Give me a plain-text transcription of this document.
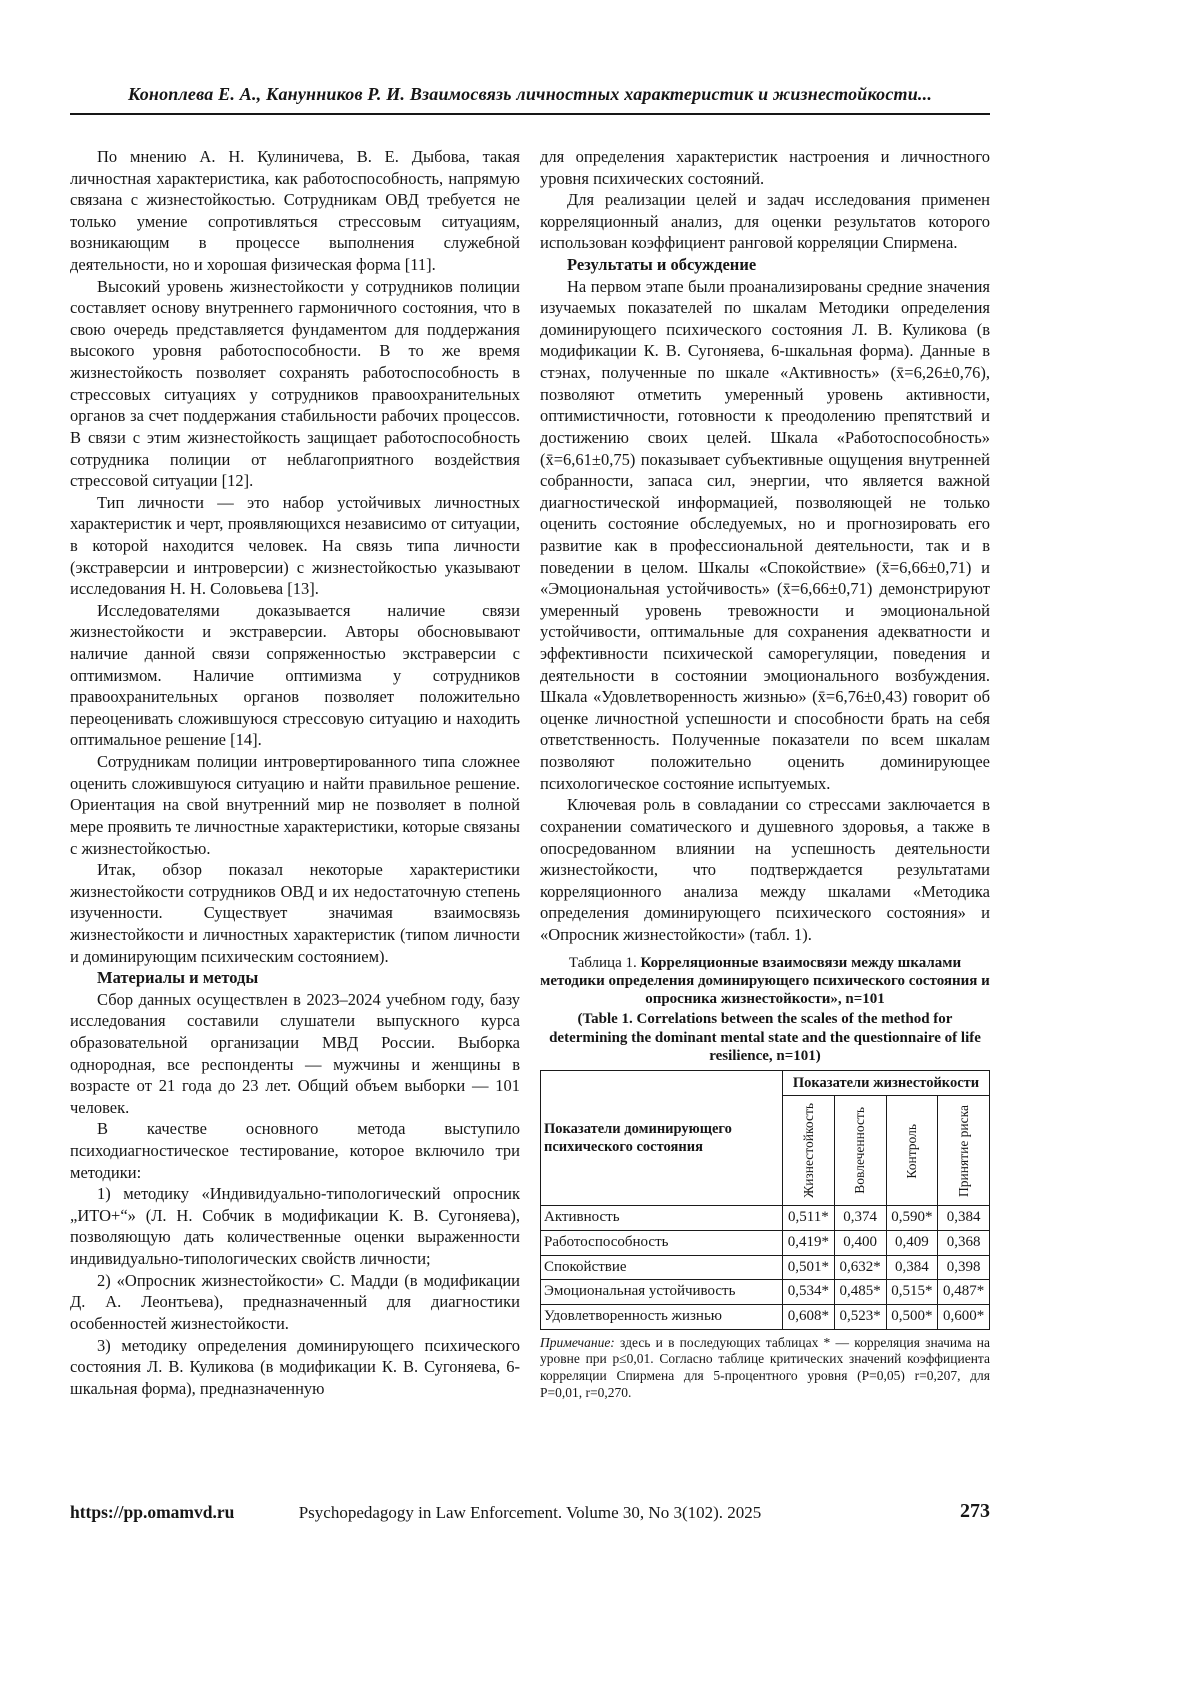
Коноплева Е. А., Канунников Р. И. Взаимосвязь личностных характеристик и жизнестойкости...

По мнению А. Н. Кулиничева, В. Е. Дыбова, такая личностная характеристика, как работоспособность, напрямую связана с жизнестойкостью. Сотрудникам ОВД требуется не только умение сопротивляться стрессовым ситуациям, возникающим в процессе выполнения служебной деятельности, но и хорошая физическая форма [11].

Высокий уровень жизнестойкости у сотрудников полиции составляет основу внутреннего гармоничного состояния, что в свою очередь представляется фундаментом для поддержания высокого уровня работоспособности. В то же время жизнестойкость позволяет сохранять работоспособность в стрессовых ситуациях у сотрудников правоохранительных органов за счет поддержания стабильности рабочих процессов. В связи с этим жизнестойкость защищает работоспособность сотрудника полиции от неблагоприятного воздействия стрессовой ситуации [12].

Тип личности — это набор устойчивых личностных характеристик и черт, проявляющихся независимо от ситуации, в которой находится человек. На связь типа личности (экстраверсии и интроверсии) с жизнестойкостью указывают исследования Н. Н. Соловьева [13].

Исследователями доказывается наличие связи жизнестойкости и экстраверсии. Авторы обосновывают наличие данной связи сопряженностью экстраверсии с оптимизмом. Наличие оптимизма у сотрудников правоохранительных органов позволяет положительно переоценивать сложившуюся стрессовую ситуацию и находить оптимальное решение [14].

Сотрудникам полиции интровертированного типа сложнее оценить сложившуюся ситуацию и найти правильное решение. Ориентация на свой внутренний мир не позволяет в полной мере проявить те личностные характеристики, которые связаны с жизнестойкостью.

Итак, обзор показал некоторые характеристики жизнестойкости сотрудников ОВД и их недостаточную степень изученности. Существует значимая взаимосвязь жизнестойкости и личностных характеристик (типом личности и доминирующим психическим состоянием).

Материалы и методы

Сбор данных осуществлен в 2023–2024 учебном году, базу исследования составили слушатели выпускного курса образовательной организации МВД России. Выборка однородная, все респонденты — мужчины и женщины в возрасте от 21 года до 23 лет. Общий объем выборки — 101 человек.

В качестве основного метода выступило психодиагностическое тестирование, которое включило три методики:

1) методику «Индивидуально-типологический опросник „ИТО+“» (Л. Н. Собчик в модификации К. В. Сугоняева), позволяющую дать количественные оценки выраженности индивидуально-типологических свойств личности;

2) «Опросник жизнестойкости» С. Мадди (в модификации Д. А. Леонтьева), предназначенный для диагностики особенностей жизнестойкости.

3) методику определения доминирующего психического состояния Л. В. Куликова (в модификации К. В. Сугоняева, 6-шкальная форма), предназначенную

для определения характеристик настроения и личностного уровня психических состояний.

Для реализации целей и задач исследования применен корреляционный анализ, для оценки результатов которого использован коэффициент ранговой корреляции Спирмена.

Результаты и обсуждение

На первом этапе были проанализированы средние значения изучаемых показателей по шкалам Методики определения доминирующего психического состояния Л. В. Куликова (в модификации К. В. Сугоняева, 6-шкальная форма). Данные в стэнах, полученные по шкале «Активность» (x̄=6,26±0,76), позволяют отметить умеренный уровень активности, оптимистичности, готовности к преодолению препятствий и достижению своих целей. Шкала «Работоспособность» (x̄=6,61±0,75) показывает субъективные ощущения внутренней собранности, запаса сил, энергии, что является важной диагностической информацией, позволяющей не только оценить состояние обследуемых, но и прогнозировать его развитие как в профессиональной деятельности, так и в поведении в целом. Шкалы «Спокойствие» (x̄=6,66±0,71) и «Эмоциональная устойчивость» (x̄=6,66±0,71) демонстрируют умеренный уровень тревожности и эмоциональной устойчивости, оптимальные для сохранения адекватности и эффективности психической саморегуляции, поведения и деятельности в состоянии эмоционального возбуждения. Шкала «Удовлетворенность жизнью» (x̄=6,76±0,43) говорит об оценке личностной успешности и способности брать на себя ответственность. Полученные показатели по всем шкалам позволяют положительно оценить доминирующее психологическое состояние испытуемых.

Ключевая роль в совладании со стрессами заключается в сохранении соматического и душевного здоровья, а также в опосредованном влиянии на успешность деятельности жизнестойкости, что подтверждается результатами корреляционного анализа между шкалами «Методика определения доминирующего психического состояния» и «Опросник жизнестойкости» (табл. 1).

Таблица 1. Корреляционные взаимосвязи между шкалами методики определения доминирующего психического состояния и опросника жизнестойкости», n=101

(Table 1. Correlations between the scales of the method for determining the dominant mental state and the questionnaire of life resilience, n=101)

Показатели доминирующего психического состояния	Показатели жизнестойкости			

	Жизнестойкость	Вовлеченность	Контроль	Принятие риска

Активность	0,511*	0,374	0,590*	0,384
Работоспособность	0,419*	0,400	0,409	0,368
Спокойствие	0,501*	0,632*	0,384	0,398
Эмоциональная устойчивость	0,534*	0,485*	0,515*	0,487*
Удовлетворенность жизнью	0,608*	0,523*	0,500*	0,600*

Примечание: здесь и в последующих таблицах * — корреляция значима на уровне при p≤0,01. Согласно таблице критических значений коэффициента корреляции Спирмена для 5-процентного уровня (Р=0,05) r=0,207, для Р=0,01, r=0,270.

https://pp.omamvd.ru	Psychopedagogy in Law Enforcement. Volume 30, No 3(102). 2025	273
